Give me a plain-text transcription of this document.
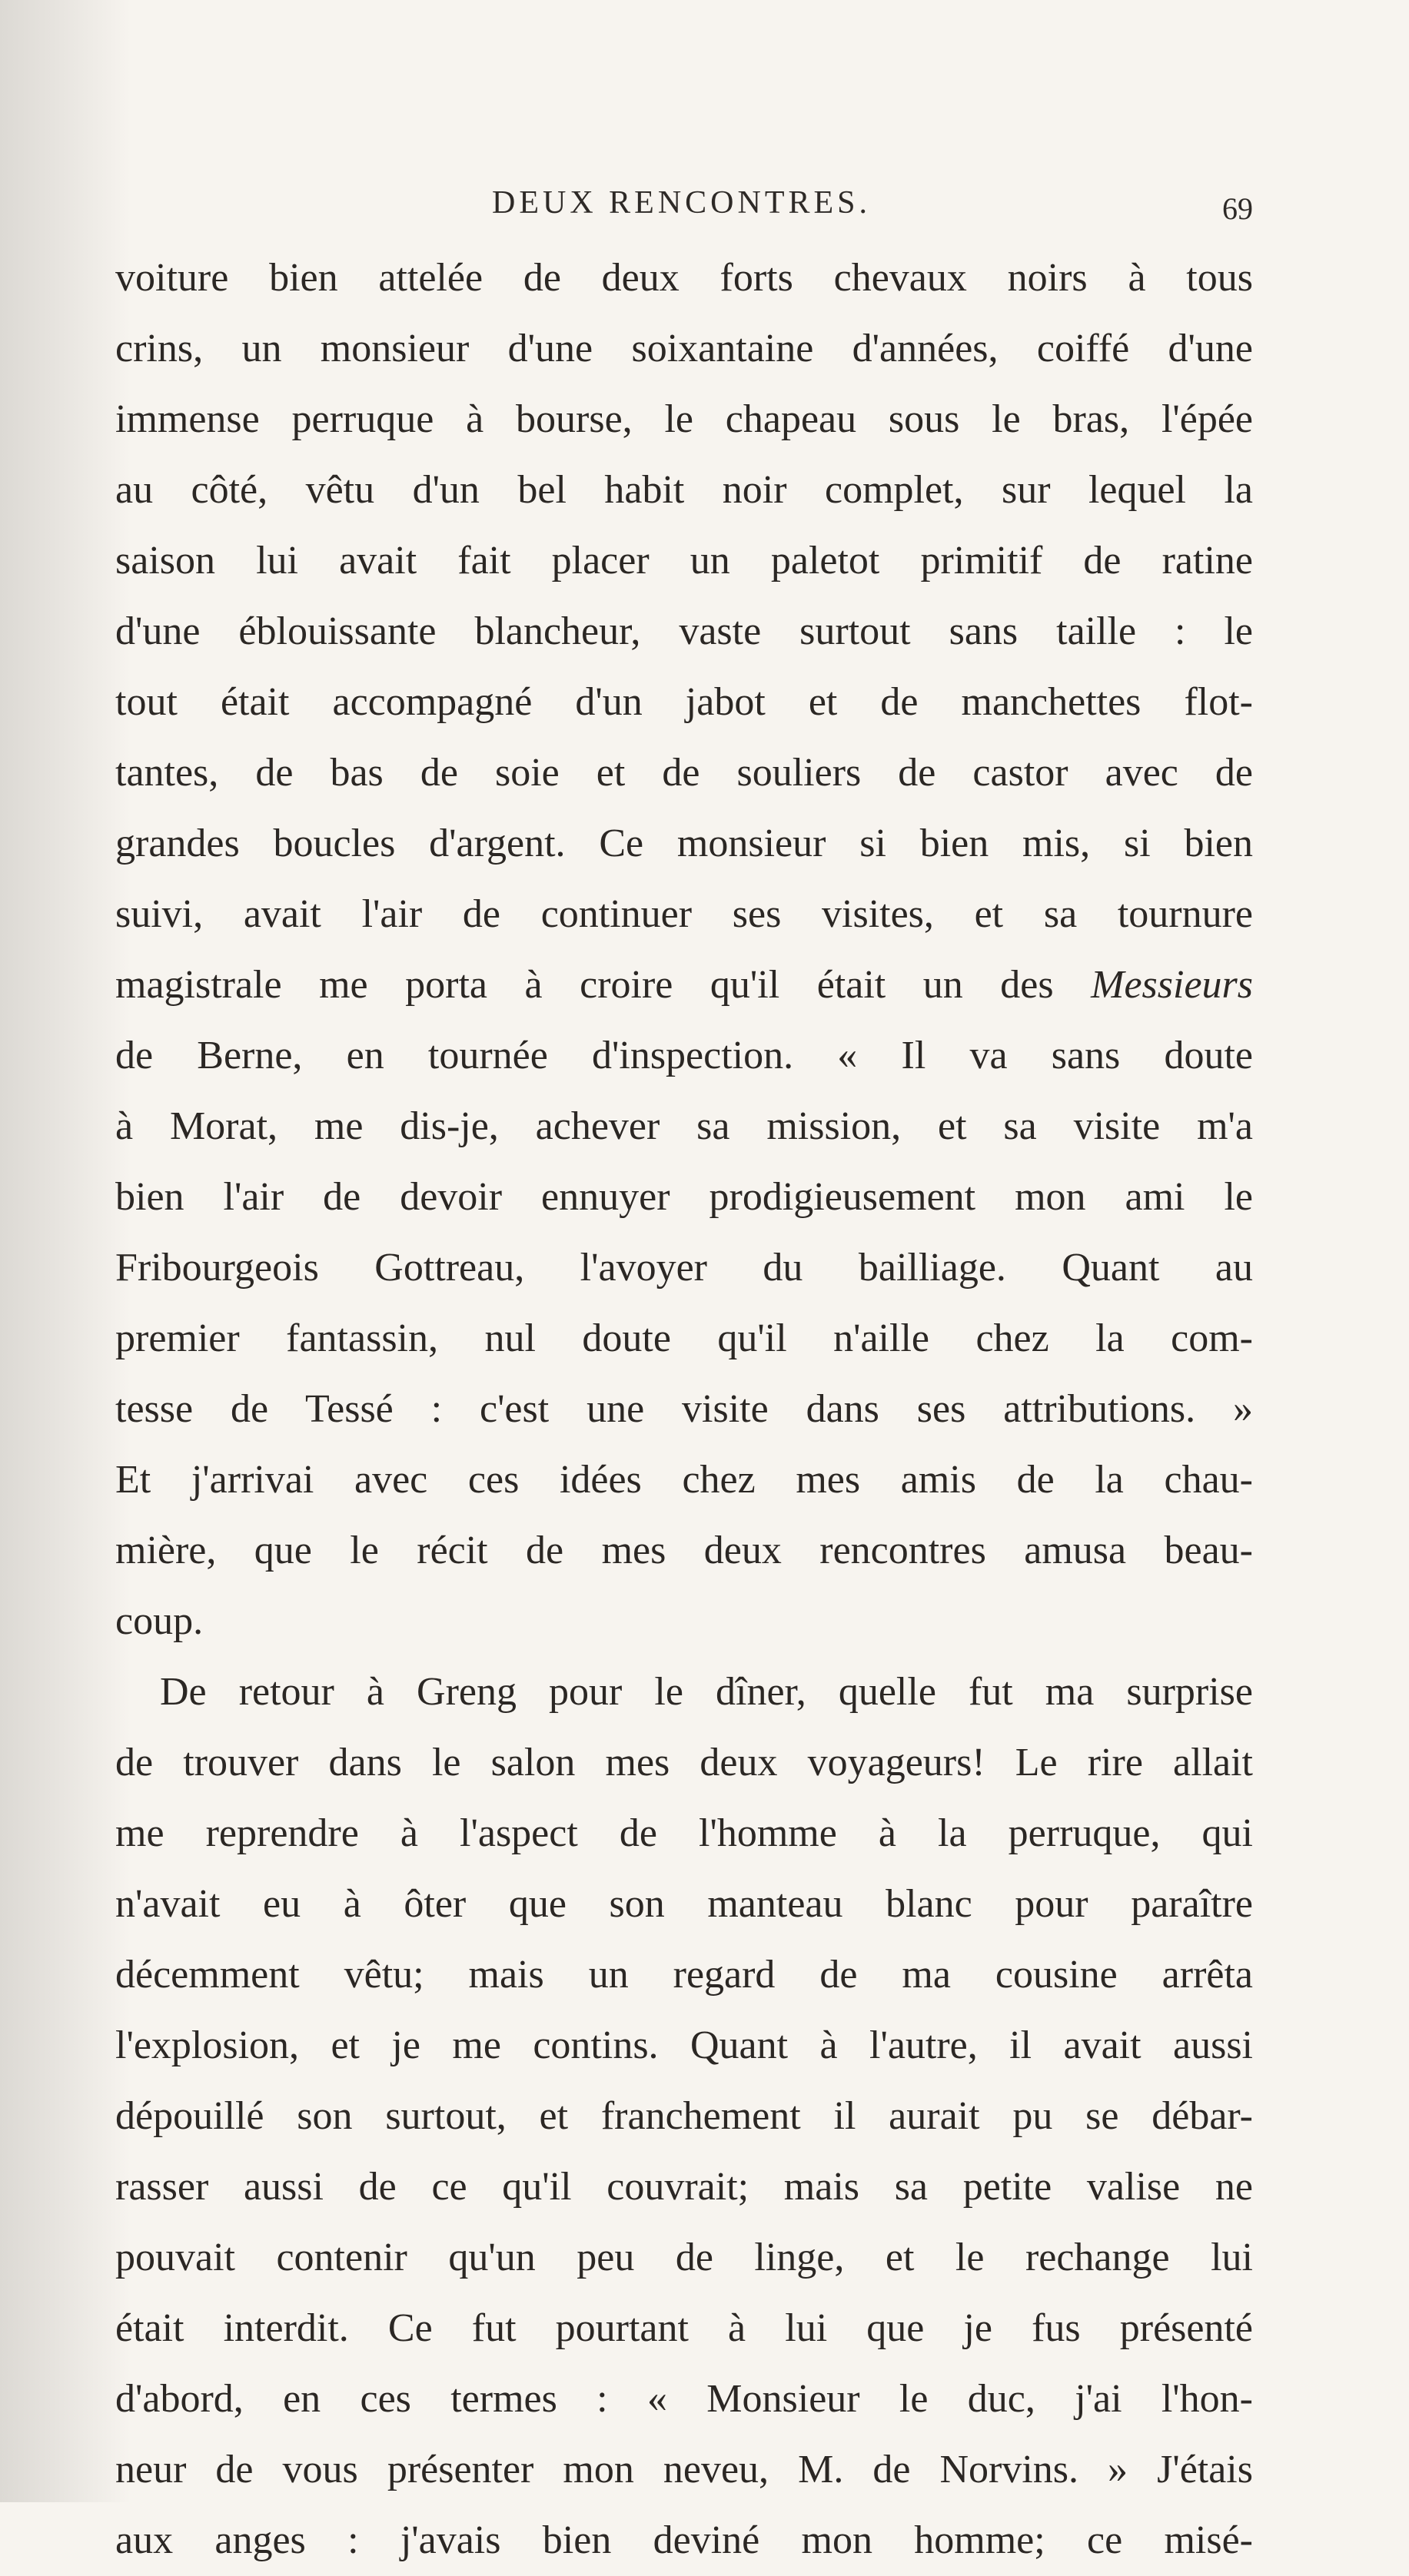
DEUX RENCONTRES.	69
voiture bien attelée de deux forts chevaux noirs à tous
crins, un monsieur d'une soixantaine d'années, coiffé d'une
immense perruque à bourse, le chapeau sous le bras, l'épée
au côté, vêtu d'un bel habit noir complet, sur lequel la
saison lui avait fait placer un paletot primitif de ratine
d'une éblouissante blancheur, vaste surtout sans taille : le
tout était accompagné d'un jabot et de manchettes flot-
tantes, de bas de soie et de souliers de castor avec de
grandes boucles d'argent. Ce monsieur si bien mis, si bien
suivi, avait l'air de continuer ses visites, et sa tournure
magistrale me porta à croire qu'il était un des Messieurs
de Berne, en tournée d'inspection. « Il va sans doute
à Morat, me dis-je, achever sa mission, et sa visite m'a
bien l'air de devoir ennuyer prodigieusement mon ami le
Fribourgeois Gottreau, l'avoyer du bailliage. Quant au
premier fantassin, nul doute qu'il n'aille chez la com-
tesse de Tessé : c'est une visite dans ses attributions. »
Et j'arrivai avec ces idées chez mes amis de la chau-
mière, que le récit de mes deux rencontres amusa beau-
coup.
De retour à Greng pour le dîner, quelle fut ma surprise
de trouver dans le salon mes deux voyageurs! Le rire allait
me reprendre à l'aspect de l'homme à la perruque, qui
n'avait eu à ôter que son manteau blanc pour paraître
décemment vêtu; mais un regard de ma cousine arrêta
l'explosion, et je me contins. Quant à l'autre, il avait aussi
dépouillé son surtout, et franchement il aurait pu se débar-
rasser aussi de ce qu'il couvrait; mais sa petite valise ne
pouvait contenir qu'un peu de linge, et le rechange lui
était interdit. Ce fut pourtant à lui que je fus présenté
d'abord, en ces termes : « Monsieur le duc, j'ai l'hon-
neur de vous présenter mon neveu, M. de Norvins. » J'étais
aux anges : j'avais bien deviné mon homme; ce misé-
